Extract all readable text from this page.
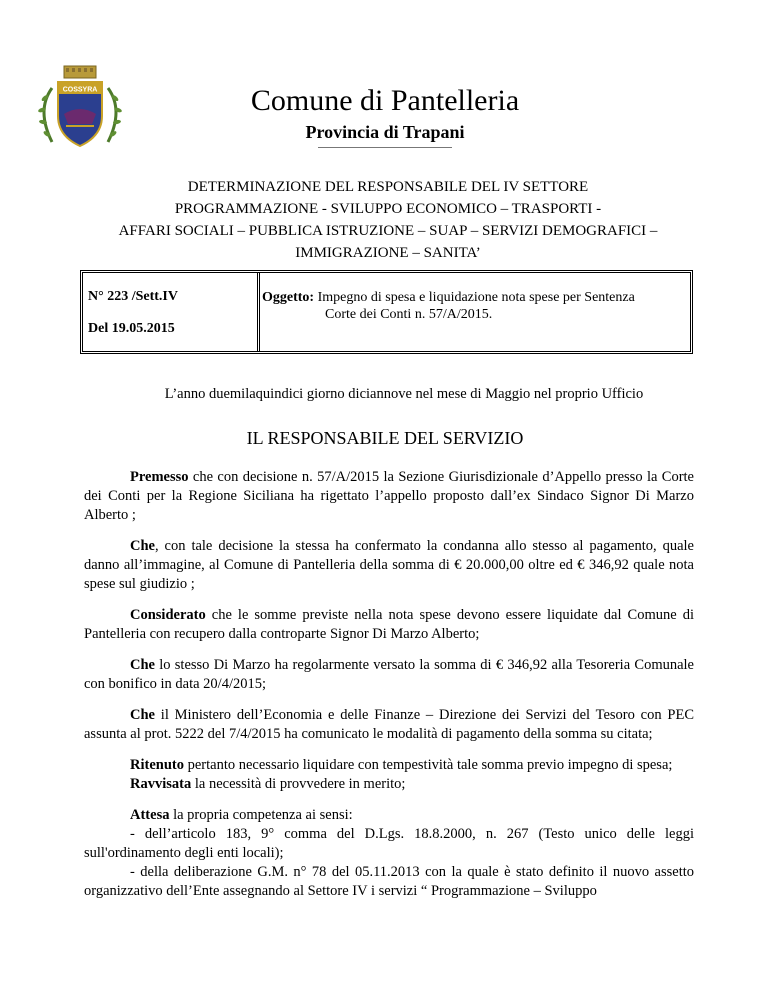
COSSYRA	Comune di Pantelleria
Provincia di Trapani
DETERMINAZIONE DEL RESPONSABILE DEL IV SETTORE
PROGRAMMAZIONE - SVILUPPO ECONOMICO – TRASPORTI -
AFFARI SOCIALI – PUBBLICA ISTRUZIONE – SUAP – SERVIZI DEMOGRAFICI –
IMMIGRAZIONE – SANITA’
N° 223 /Sett.IV
Del 19.05.2015
Oggetto: Impegno di spesa e liquidazione nota spese per Sentenza
Corte dei Conti n. 57/A/2015.
L’anno duemilaquindici giorno diciannove nel mese di Maggio nel proprio Ufficio
IL RESPONSABILE DEL SERVIZIO

Premesso che con decisione n. 57/A/2015 la Sezione Giurisdizionale d’Appello presso la Corte dei Conti per la Regione Siciliana ha rigettato l’appello proposto dall’ex Sindaco Signor Di Marzo Alberto ;

Che, con tale decisione la stessa ha confermato la condanna allo stesso al pagamento, quale danno all’immagine, al Comune di Pantelleria della somma di € 20.000,00 oltre ed € 346,92 quale nota spese sul giudizio ;

Considerato che le somme previste nella nota spese devono essere liquidate dal Comune di Pantelleria con recupero dalla controparte Signor Di Marzo Alberto;

Che lo stesso Di Marzo ha regolarmente versato la somma di € 346,92 alla Tesoreria Comunale con bonifico in data 20/4/2015;

Che il Ministero dell’Economia e delle Finanze – Direzione dei Servizi del Tesoro con PEC assunta al prot. 5222 del 7/4/2015 ha comunicato le modalità di pagamento della somma su citata;

Ritenuto pertanto necessario liquidare con tempestività tale somma previo impegno di spesa;

Ravvisata la necessità di provvedere in merito;

Attesa la propria competenza ai sensi:

- dell’articolo 183, 9° comma del D.Lgs. 18.8.2000, n. 267 (Testo unico delle leggi sull'ordinamento degli enti locali);

- della deliberazione G.M. n° 78 del 05.11.2013 con la quale è stato definito il nuovo assetto organizzativo dell’Ente assegnando al Settore IV i servizi “ Programmazione – Sviluppo
